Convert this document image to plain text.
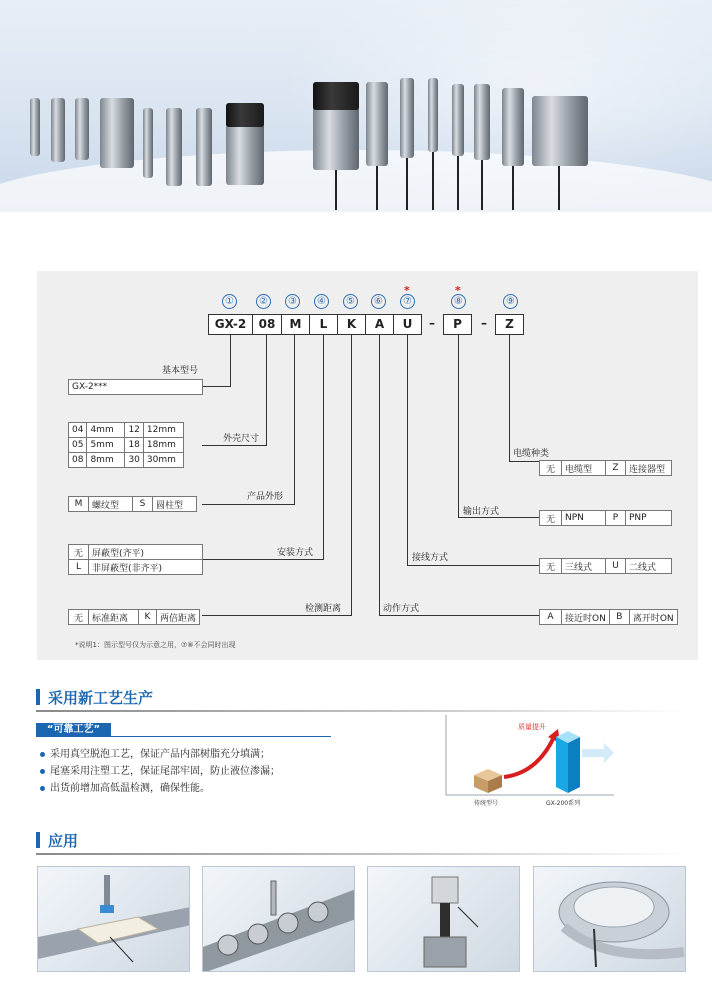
①	②	③	④	⑤	⑥
*
⑦
*
⑧	⑨
GX-2	08	M	L	K	A	U	–	P	–	Z
基本型号
GX-2***
04	4mm	12	12mm
05	5mm	18	18mm
08	8mm	30	30mm
外壳尺寸
产品外形
M	螺纹型	S	圆柱型
安装方式
无	屏蔽型(齐平)
L	非屏蔽型(非齐平)
检测距离
无	标准距离	K	两倍距离
动作方式
A	接近时ON	B	离开时ON
接线方式
无	三线式	U	二线式
输出方式
无	NPN	P	PNP
电缆种类
无	电缆型	Z	连接器型
*说明1：图示型号仅为示意之用，⑦⑧不会同时出现
采用新工艺生产
“可靠工艺”
采用真空脱泡工艺，保证产品内部树脂充分填满；
尾塞采用注塑工艺，保证尾部牢固，防止液位渗漏；
出货前增加高低温检测，确保性能。
质量提升
传统型号	GX-200系列
应用
